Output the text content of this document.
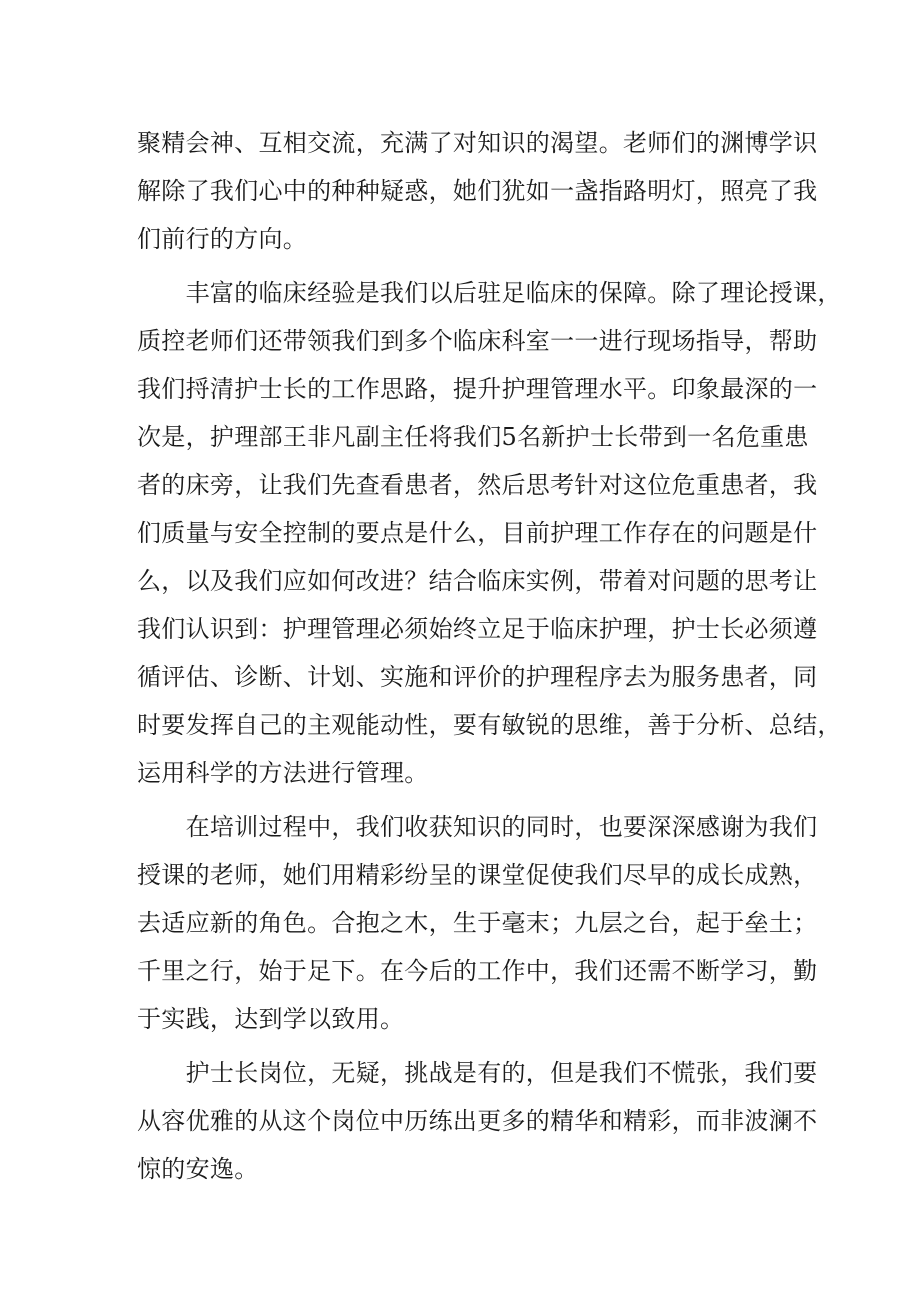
聚精会神、互相交流，充满了对知识的渴望。老师们的渊博学识
解除了我们心中的种种疑惑，她们犹如一盏指路明灯，照亮了我
们前行的方向。
　　丰富的临床经验是我们以后驻足临床的保障。除了理论授课，
质控老师们还带领我们到多个临床科室一一进行现场指导，帮助
我们捋清护士长的工作思路，提升护理管理水平。印象最深的一
次是，护理部王非凡副主任将我们5名新护士长带到一名危重患
者的床旁，让我们先查看患者，然后思考针对这位危重患者，我
们质量与安全控制的要点是什么，目前护理工作存在的问题是什
么，以及我们应如何改进？结合临床实例，带着对问题的思考让
我们认识到：护理管理必须始终立足于临床护理，护士长必须遵
循评估、诊断、计划、实施和评价的护理程序去为服务患者，同
时要发挥自己的主观能动性，要有敏锐的思维，善于分析、总结，
运用科学的方法进行管理。
　　在培训过程中，我们收获知识的同时，也要深深感谢为我们
授课的老师，她们用精彩纷呈的课堂促使我们尽早的成长成熟，
去适应新的角色。合抱之木，生于毫末；九层之台，起于垒土；
千里之行，始于足下。在今后的工作中，我们还需不断学习，勤
于实践，达到学以致用。
　　护士长岗位，无疑，挑战是有的，但是我们不慌张，我们要
从容优雅的从这个岗位中历练出更多的精华和精彩，而非波澜不
惊的安逸。
